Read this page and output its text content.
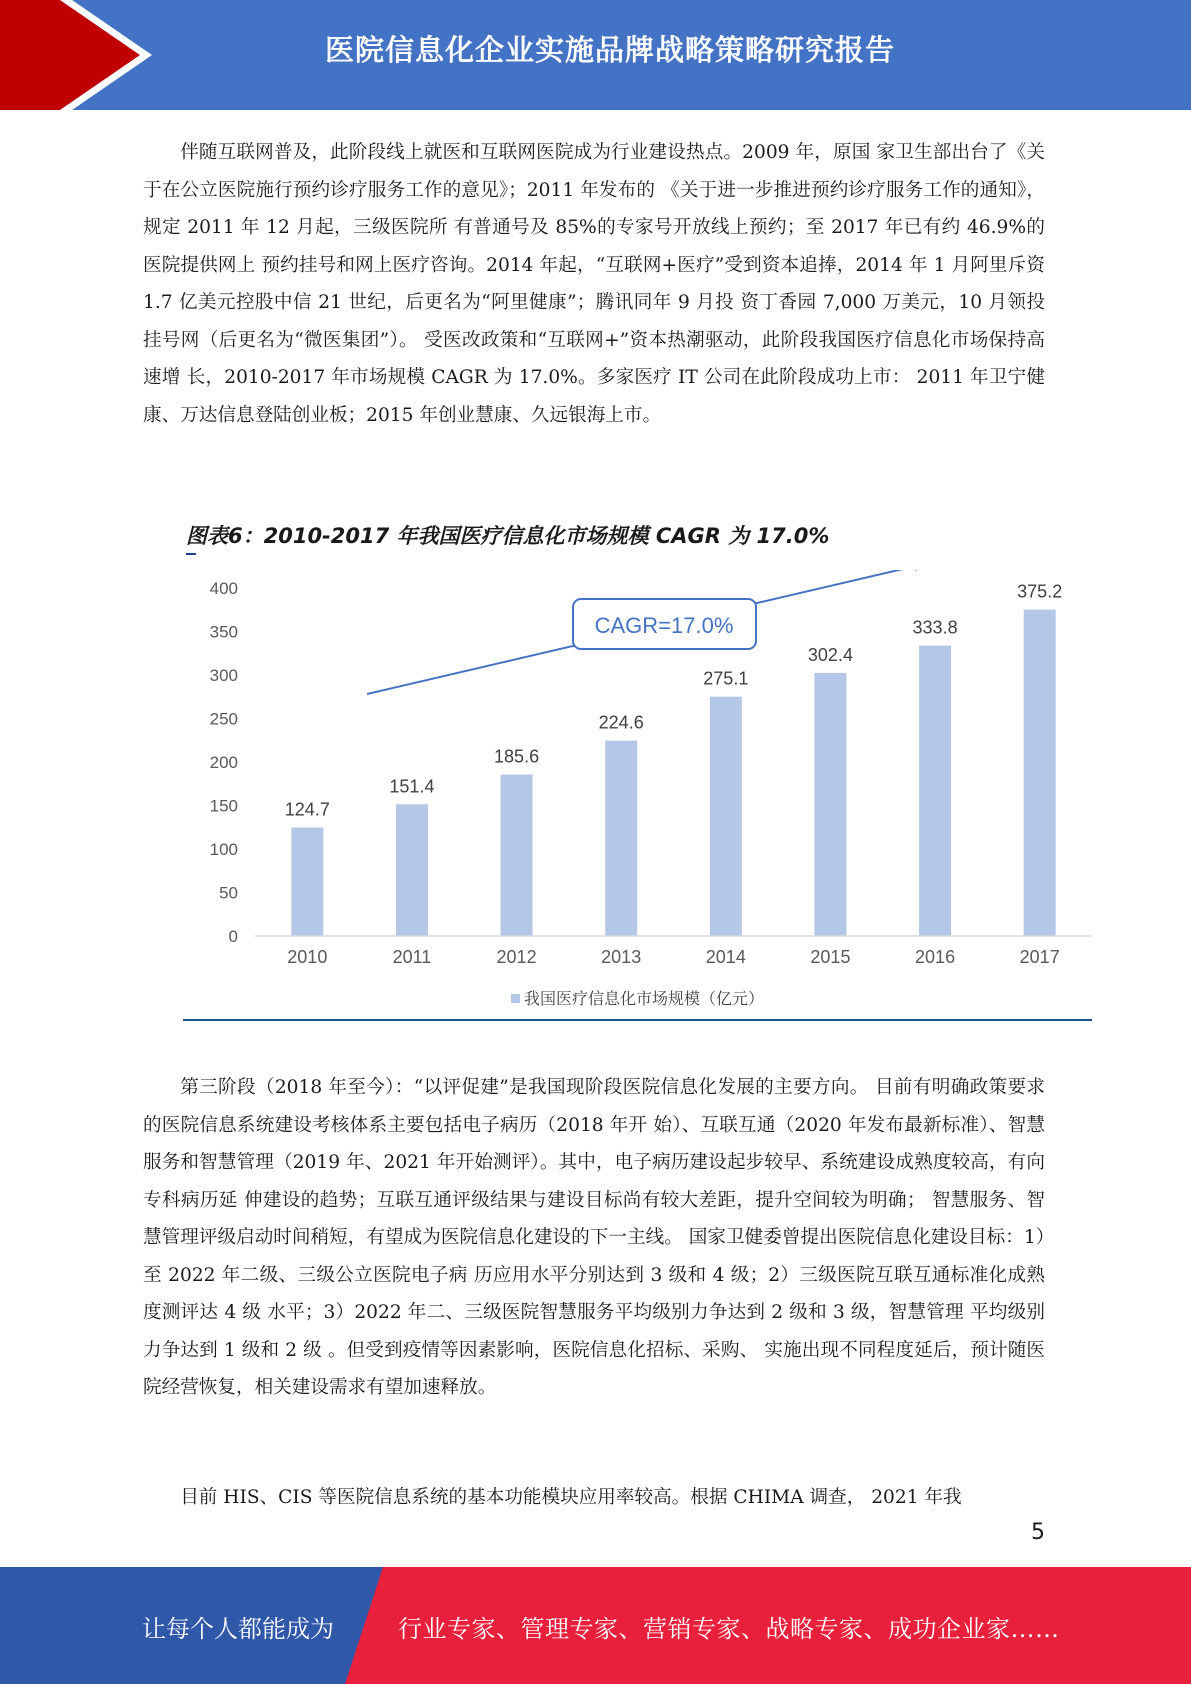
医院信息化企业实施品牌战略策略研究报告

伴随互联网普及，此阶段线上就医和互联网医院成为行业建设热点。2009 年，原国 家卫生部出台了《关于在公立医院施行预约诊疗服务工作的意见》；2011 年发布的 《关于进一步推进预约诊疗服务工作的通知》，规定 2011 年 12 月起，三级医院所 有普通号及 85%的专家号开放线上预约；至 2017 年已有约 46.9%的医院提供网上 预约挂号和网上医疗咨询。2014 年起，“互联网+医疗”受到资本追捧，2014 年 1 月阿里斥资 1.7 亿美元控股中信 21 世纪，后更名为“阿里健康”；腾讯同年 9 月投 资丁香园 7,000 万美元，10 月领投挂号网（后更名为“微医集团”）。 受医改政策和“互联网+”资本热潮驱动，此阶段我国医疗信息化市场保持高速增 长，2010-2017 年市场规模 CAGR 为 17.0%。多家医疗 IT 公司在此阶段成功上市： 2011 年卫宁健康、万达信息登陆创业板；2015 年创业慧康、久远银海上市。

图表6：2010-2017 年我国医疗信息化市场规模 CAGR 为 17.0%
0
50
100
150
200
250
300
350
400
124.7
151.4
185.6
224.6
275.1
302.4
333.8
375.2
2010	2011	2012	2013	2014	2015	2016	2017
CAGR=17.0%
我国医疗信息化市场规模（亿元）

第三阶段（2018 年至今）：“以评促建”是我国现阶段医院信息化发展的主要方向。 目前有明确政策要求的医院信息系统建设考核体系主要包括电子病历（2018 年开 始）、互联互通（2020 年发布最新标准）、智慧服务和智慧管理（2019 年、2021 年开始测评）。其中，电子病历建设起步较早、系统建设成熟度较高，有向专科病历延 伸建设的趋势；互联互通评级结果与建设目标尚有较大差距，提升空间较为明确； 智慧服务、智慧管理评级启动时间稍短，有望成为医院信息化建设的下一主线。 国家卫健委曾提出医院信息化建设目标：1）至 2022 年二级、三级公立医院电子病 历应用水平分别达到 3 级和 4 级；2）三级医院互联互通标准化成熟度测评达 4 级 水平；3）2022 年二、三级医院智慧服务平均级别力争达到 2 级和 3 级，智慧管理 平均级别力争达到 1 级和 2 级 。但受到疫情等因素影响，医院信息化招标、采购、 实施出现不同程度延后，预计随医院经营恢复，相关建设需求有望加速释放。

目前 HIS、CIS 等医院信息系统的基本功能模块应用率较高。根据 CHIMA 调查， 2021 年我

5
让每个人都能成为	行业专家、管理专家、营销专家、战略专家、成功企业家……
